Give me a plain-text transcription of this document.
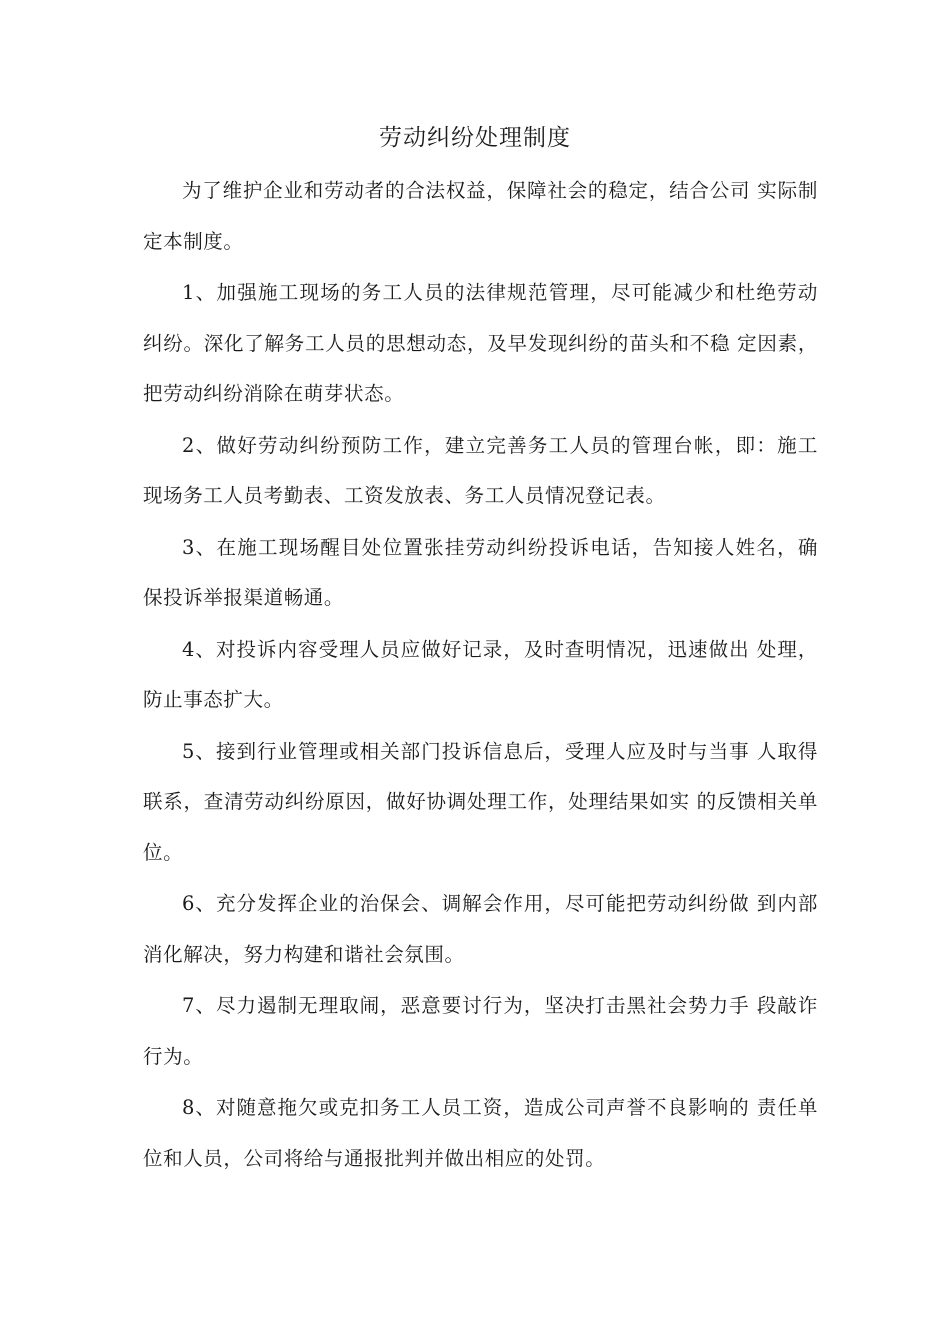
劳动纠纷处理制度

为了维护企业和劳动者的合法权益，保障社会的稳定，结合公司 实际制定本制度。

1、加强施工现场的务工人员的法律规范管理，尽可能减少和杜绝劳动纠纷。深化了解务工人员的思想动态，及早发现纠纷的苗头和不稳 定因素，把劳动纠纷消除在萌芽状态。

2、做好劳动纠纷预防工作，建立完善务工人员的管理台帐，即：施工现场务工人员考勤表、工资发放表、务工人员情况登记表。

3、在施工现场醒目处位置张挂劳动纠纷投诉电话，告知接人姓名，确保投诉举报渠道畅通。

4、对投诉内容受理人员应做好记录，及时查明情况，迅速做出 处理，防止事态扩大。

5、接到行业管理或相关部门投诉信息后，受理人应及时与当事 人取得联系，查清劳动纠纷原因，做好协调处理工作，处理结果如实 的反馈相关单位。

6、充分发挥企业的治保会、调解会作用，尽可能把劳动纠纷做 到内部消化解决，努力构建和谐社会氛围。

7、尽力遏制无理取闹，恶意要讨行为，坚决打击黑社会势力手 段敲诈行为。

8、对随意拖欠或克扣务工人员工资，造成公司声誉不良影响的 责任单位和人员，公司将给与通报批判并做出相应的处罚。
